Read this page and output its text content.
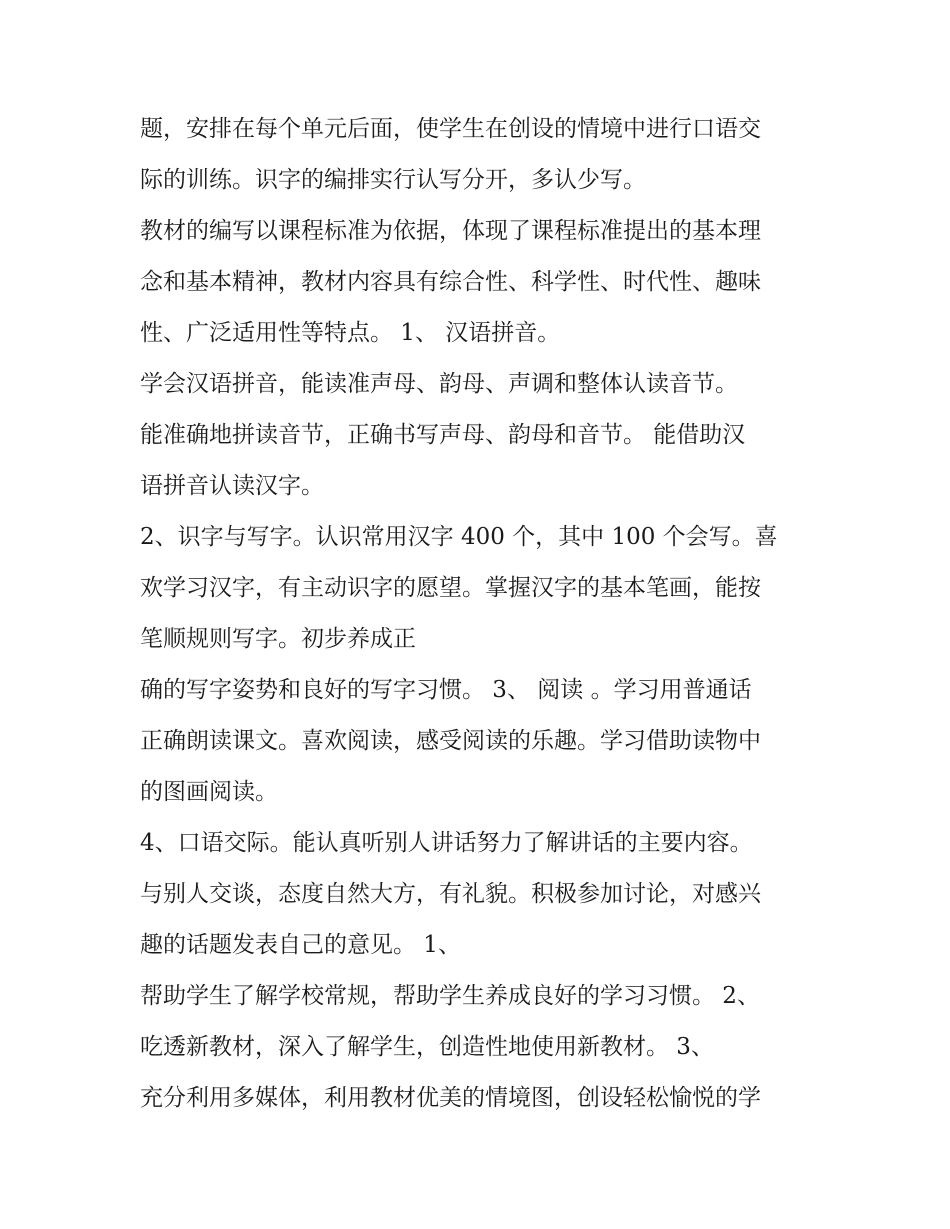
题，安排在每个单元后面，使学生在创设的情境中进行口语交
际的训练。识字的编排实行认写分开，多认少写。
教材的编写以课程标准为依据，体现了课程标准提出的基本理
念和基本精神，教材内容具有综合性、科学性、时代性、趣味
性、广泛适用性等特点。 1、 汉语拼音。
学会汉语拼音，能读准声母、韵母、声调和整体认读音节。
能准确地拼读音节，正确书写声母、韵母和音节。 能借助汉
语拼音认读汉字。
2、识字与写字。认识常用汉字 400 个，其中 100 个会写。喜
欢学习汉字，有主动识字的愿望。掌握汉字的基本笔画，能按
笔顺规则写字。初步养成正
确的写字姿势和良好的写字习惯。 3、 阅读 。学习用普通话
正确朗读课文。喜欢阅读，感受阅读的乐趣。学习借助读物中
的图画阅读。
4、口语交际。能认真听别人讲话努力了解讲话的主要内容。
与别人交谈，态度自然大方，有礼貌。积极参加讨论，对感兴
趣的话题发表自己的意见。 1、
帮助学生了解学校常规，帮助学生养成良好的学习习惯。 2、
吃透新教材，深入了解学生，创造性地使用新教材。 3、
充分利用多媒体，利用教材优美的情境图，创设轻松愉悦的学
